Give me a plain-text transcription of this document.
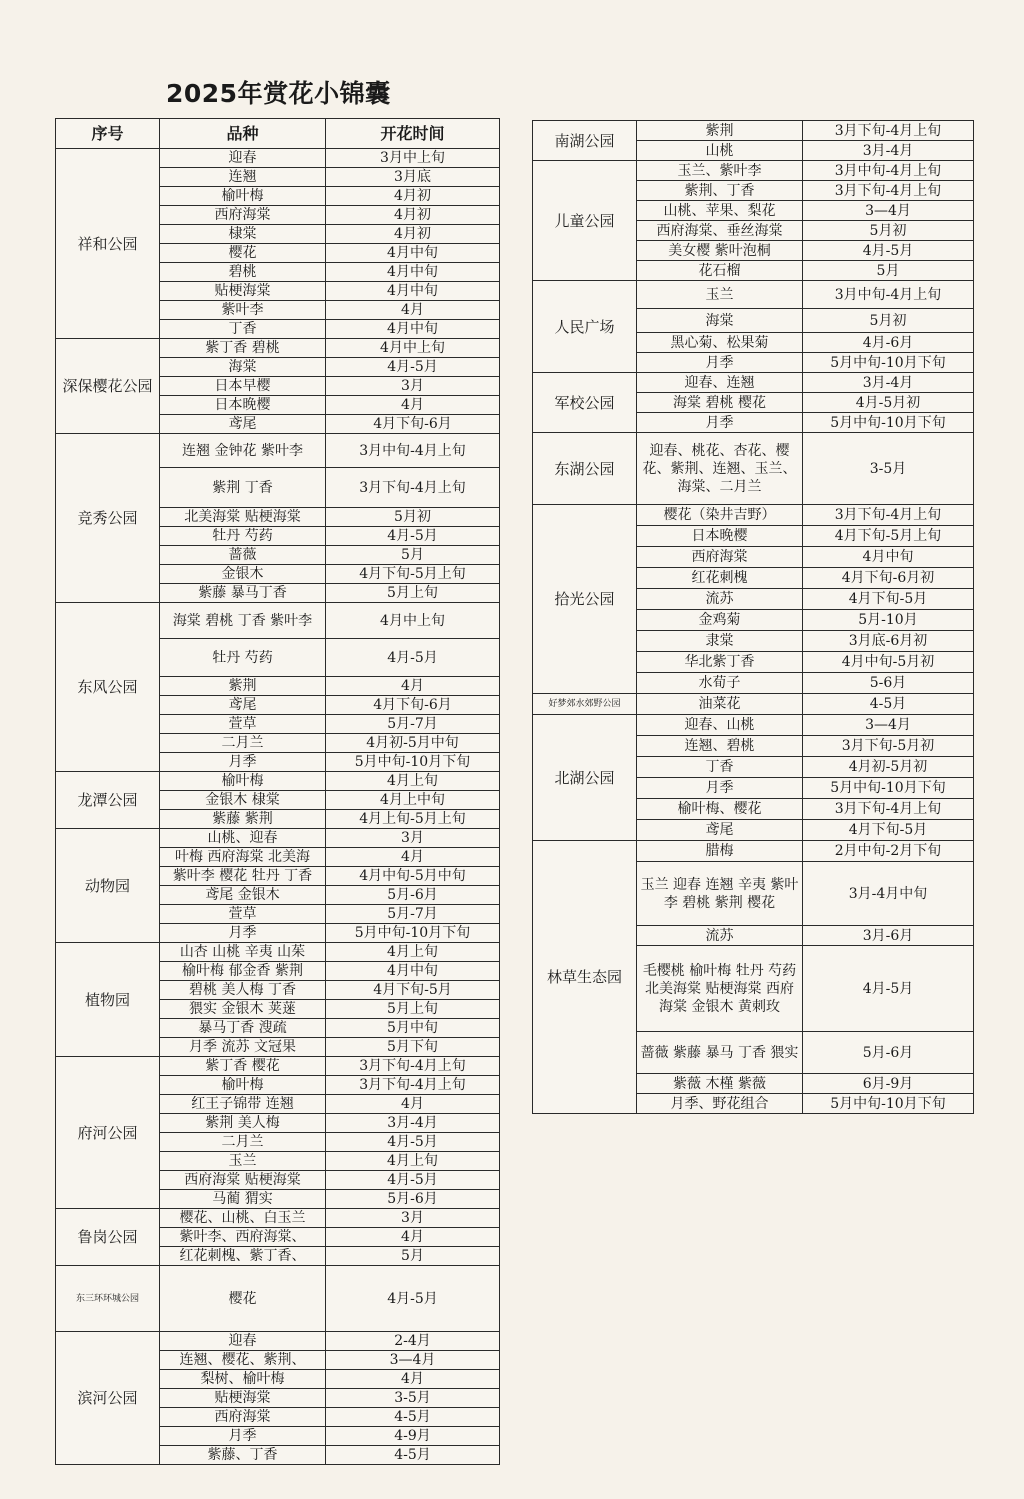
2025年赏花小锦囊
序号	品种	开花时间
祥和公园	迎春	3月中上旬
	连翘	3月底
	榆叶梅	4月初
	西府海棠	4月初
	棣棠	4月初
	樱花	4月中旬
	碧桃	4月中旬
	贴梗海棠	4月中旬
	紫叶李	4月
	丁香	4月中旬
深保樱花公园	紫丁香 碧桃	4月中上旬
	海棠	4月-5月
	日本早樱	3月
	日本晚樱	4月
	鸢尾	4月下旬-6月
竞秀公园	连翘 金钟花 紫叶李	3月中旬-4月上旬
	紫荆 丁香	3月下旬-4月上旬
	北美海棠 贴梗海棠	5月初
	牡丹 芍药	4月-5月
	蔷薇	5月
	金银木	4月下旬-5月上旬
	紫藤 暴马丁香	5月上旬
东风公园	海棠 碧桃 丁香 紫叶李	4月中上旬
	牡丹 芍药	4月-5月
	紫荆	4月
	鸢尾	4月下旬-6月
	萱草	5月-7月
	二月兰	4月初-5月中旬
	月季	5月中旬-10月下旬
龙潭公园	榆叶梅	4月上旬
	金银木 棣棠	4月上中旬
	紫藤 紫荆	4月上旬-5月上旬
动物园	山桃、迎春	3月
	叶梅 西府海棠 北美海	4月
	紫叶李 樱花 牡丹 丁香	4月中旬-5月中旬
	鸢尾 金银木	5月-6月
	萱草	5月-7月
	月季	5月中旬-10月下旬
植物园	山杏 山桃 辛夷 山茱	4月上旬
	榆叶梅 郁金香 紫荆	4月中旬
	碧桃 美人梅 丁香	4月下旬-5月
	猥实 金银木 荚蒾	5月上旬
	暴马丁香 溲疏	5月中旬
	月季 流苏 文冠果	5月下旬
府河公园	紫丁香 樱花	3月下旬-4月上旬
	榆叶梅	3月下旬-4月上旬
	红王子锦带 连翘	4月
	紫荆 美人梅	3月-4月
	二月兰	4月-5月
	玉兰	4月上旬
	西府海棠 贴梗海棠	4月-5月
	马蔺 猬实	5月-6月
鲁岗公园	樱花、山桃、白玉兰	3月
	紫叶李、西府海棠、	4月
	红花刺槐、紫丁香、	5月
东三环环城公园	樱花	4月-5月
滨河公园	迎春	2-4月
	连翘、樱花、紫荆、	3—4月
	梨树、榆叶梅	4月
	贴梗海棠	3-5月
	西府海棠	4-5月
	月季	4-9月
	紫藤、丁香	4-5月
南湖公园	紫荆	3月下旬-4月上旬
	山桃	3月-4月
儿童公园	玉兰、紫叶李	3月中旬-4月上旬
	紫荆、丁香	3月下旬-4月上旬
	山桃、苹果、梨花	3—4月
	西府海棠、垂丝海棠	5月初
	美女樱 紫叶泡桐	4月-5月
	花石榴	5月
人民广场	玉兰	3月中旬-4月上旬
	海棠	5月初
	黑心菊、松果菊	4月-6月
	月季	5月中旬-10月下旬
军校公园	迎春、连翘	3月-4月
	海棠 碧桃 樱花	4月-5月初
	月季	5月中旬-10月下旬
东湖公园	迎春、桃花、杏花、樱花、紫荆、连翘、玉兰、海棠、二月兰	3-5月
拾光公园	樱花（染井吉野）	3月下旬-4月上旬
	日本晚樱	4月下旬-5月上旬
	西府海棠	4月中旬
	红花刺槐	4月下旬-6月初
	流苏	4月下旬-5月
	金鸡菊	5月-10月
	隶棠	3月底-6月初
	华北紫丁香	4月中旬-5月初
	水荀子	5-6月
好梦郊水郊野公园	油菜花	4-5月
北湖公园	迎春、山桃	3—4月
	连翘、碧桃	3月下旬-5月初
	丁香	4月初-5月初
	月季	5月中旬-10月下旬
	榆叶梅、樱花	3月下旬-4月上旬
	鸢尾	4月下旬-5月
林草生态园	腊梅	2月中旬-2月下旬
	玉兰 迎春 连翘 辛夷 紫叶李 碧桃 紫荆 樱花	3月-4月中旬
	流苏	3月-6月
	毛樱桃 榆叶梅 牡丹 芍药 北美海棠 贴梗海棠 西府海棠 金银木 黄刺玫	4月-5月
	蔷薇 紫藤 暴马 丁香 猥实	5月-6月
	紫薇 木槿 紫薇	6月-9月
	月季、野花组合	5月中旬-10月下旬
